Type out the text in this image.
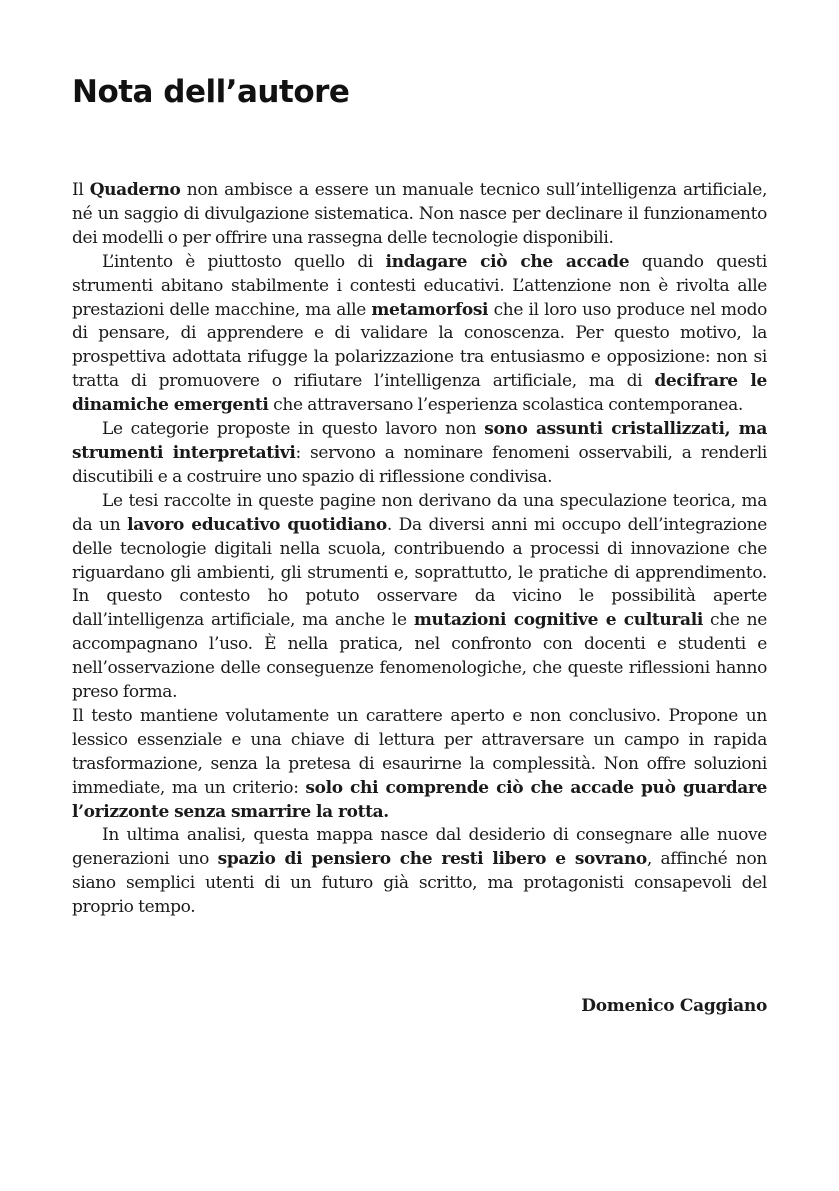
Nota dell’autore

Il Quaderno non ambisce a essere un manuale tecnico sull’intelligenza artificiale, né un saggio di divulgazione sistematica. Non nasce per declinare il funzionamento dei modelli o per offrire una rassegna delle tecnologie disponibili.

L’intento è piuttosto quello di indagare ciò che accade quando questi strumenti abitano stabilmente i contesti educativi. L’attenzione non è rivolta alle prestazioni delle macchine, ma alle metamorfosi che il loro uso produce nel modo di pensare, di apprendere e di validare la conoscenza. Per questo motivo, la prospettiva adottata rifugge la polarizzazione tra entusiasmo e opposizione: non si tratta di promuovere o rifiutare l’intelligenza artificiale, ma di decifrare le dinamiche emergenti che attraversano l’esperienza scolastica contemporanea.

Le categorie proposte in questo lavoro non sono assunti cristallizzati, ma strumenti interpretativi: servono a nominare fenomeni osservabili, a renderli discutibili e a costruire uno spazio di riflessione condivisa.

Le tesi raccolte in queste pagine non derivano da una speculazione teorica, ma da un lavoro educativo quotidiano. Da diversi anni mi occupo dell’integrazione delle tecnologie digitali nella scuola, contribuendo a processi di innovazione che riguardano gli ambienti, gli strumenti e, soprattutto, le pratiche di apprendimento. In questo contesto ho potuto osservare da vicino le possibilità aperte dall’intelligenza artificiale, ma anche le mutazioni cognitive e culturali che ne accompagnano l’uso. È nella pratica, nel confronto con docenti e studenti e nell’osservazione delle conseguenze fenomenologiche, che queste riflessioni hanno preso forma.

Il testo mantiene volutamente un carattere aperto e non conclusivo. Propone un lessico essenziale e una chiave di lettura per attraversare un campo in rapida trasformazione, senza la pretesa di esaurirne la complessità. Non offre soluzioni immediate, ma un criterio: solo chi comprende ciò che accade può guardare l’orizzonte senza smarrire la rotta.

In ultima analisi, questa mappa nasce dal desiderio di consegnare alle nuove generazioni uno spazio di pensiero che resti libero e sovrano, affinché non siano semplici utenti di un futuro già scritto, ma protagonisti consapevoli del proprio tempo.

Domenico Caggiano
